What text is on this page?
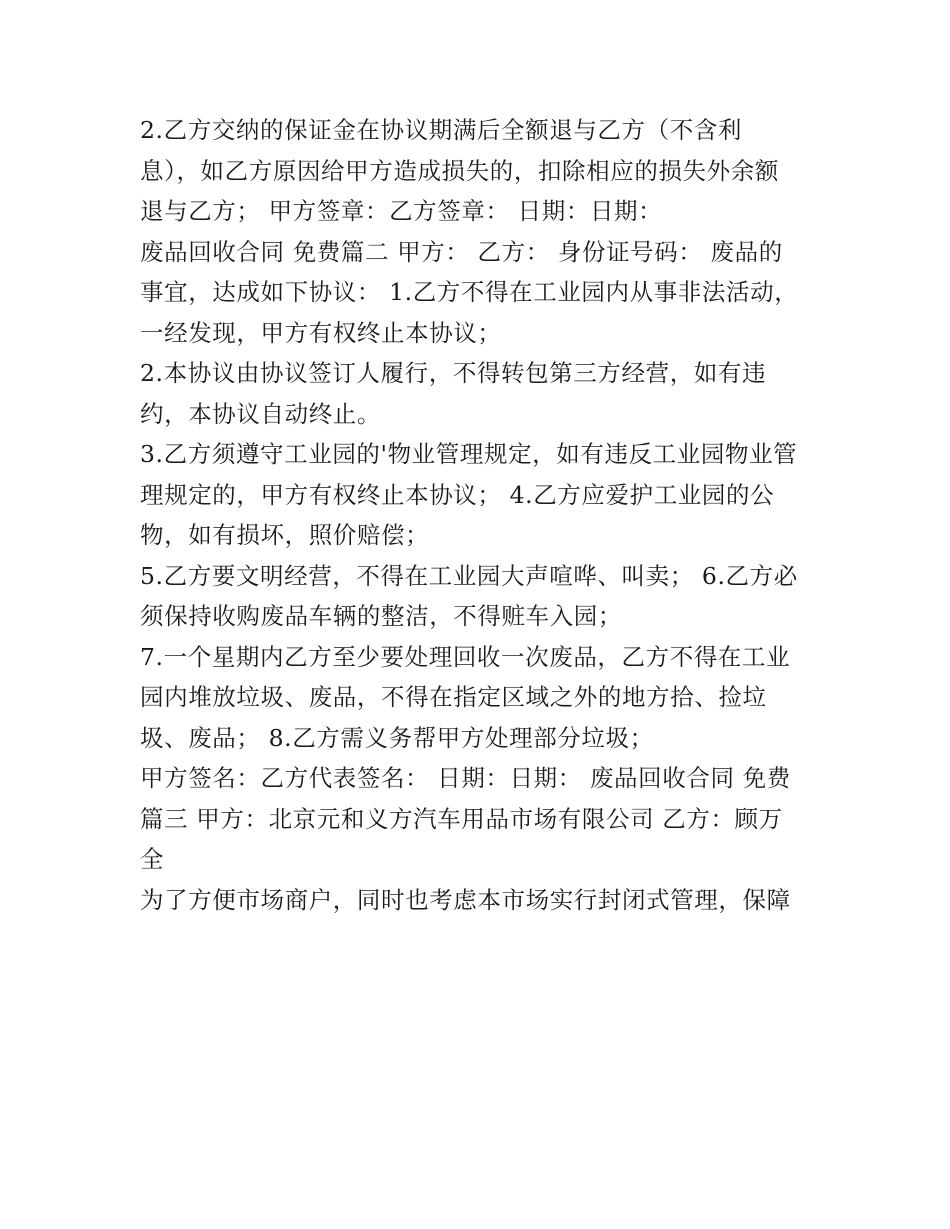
2.乙方交纳的保证金在协议期满后全额退与乙方（不含利
息），如乙方原因给甲方造成损失的，扣除相应的损失外余额
退与乙方； 甲方签章：乙方签章： 日期：日期：

废品回收合同 免费篇二 甲方： 乙方： 身份证号码： 废品的
事宜，达成如下协议： 1.乙方不得在工业园内从事非法活动，
一经发现，甲方有权终止本协议；

2.本协议由协议签订人履行，不得转包第三方经营，如有违
约，本协议自动终止。

3.乙方须遵守工业园的'物业管理规定，如有违反工业园物业管
理规定的，甲方有权终止本协议； 4.乙方应爱护工业园的公
物，如有损坏，照价赔偿；

5.乙方要文明经营，不得在工业园大声喧哗、叫卖； 6.乙方必
须保持收购废品车辆的整洁，不得赃车入园；

7.一个星期内乙方至少要处理回收一次废品，乙方不得在工业
园内堆放垃圾、废品，不得在指定区域之外的地方拾、捡垃
圾、废品； 8.乙方需义务帮甲方处理部分垃圾；

甲方签名：乙方代表签名： 日期：日期： 废品回收合同 免费
篇三 甲方：北京元和义方汽车用品市场有限公司 乙方：顾万
全

为了方便市场商户，同时也考虑本市场实行封闭式管理，保障
